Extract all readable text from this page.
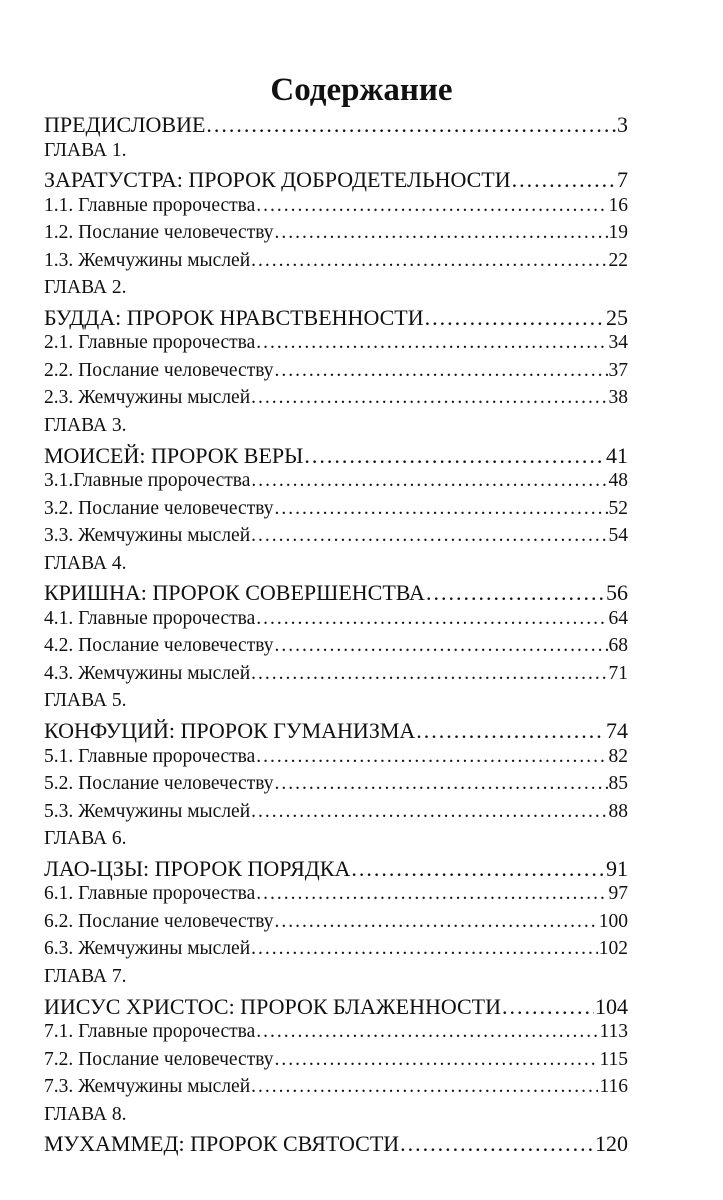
Содержание
ПРЕДИСЛОВИЕ .....	3
ГЛАВА 1.
ЗАРАТУСТРА: ПРОРОК ДОБРОДЕТЕЛЬНОСТИ .....	7
1.1. Главные пророчества .....	16
1.2. Послание человечеству .....	19
1.3. Жемчужины мыслей .....	22
ГЛАВА 2.
БУДДА: ПРОРОК НРАВСТВЕННОСТИ .....	25
2.1. Главные пророчества .....	34
2.2. Послание человечеству .....	37
2.3. Жемчужины мыслей .....	38
ГЛАВА 3.
МОИСЕЙ: ПРОРОК ВЕРЫ .....	41
3.1.Главные пророчества .....	48
3.2. Послание человечеству .....	52
3.3. Жемчужины мыслей .....	54
ГЛАВА 4.
КРИШНА: ПРОРОК СОВЕРШЕНСТВА .....	56
4.1. Главные пророчества .....	64
4.2. Послание человечеству .....	68
4.3. Жемчужины мыслей .....	71
ГЛАВА 5.
КОНФУЦИЙ: ПРОРОК ГУМАНИЗМА .....	74
5.1. Главные пророчества .....	82
5.2. Послание человечеству .....	85
5.3. Жемчужины мыслей .....	88
ГЛАВА 6.
ЛАО-ЦЗЫ: ПРОРОК ПОРЯДКА .....	91
6.1. Главные пророчества .....	97
6.2. Послание человечеству .....	100
6.3. Жемчужины мыслей .....	102
ГЛАВА 7.
ИИСУС ХРИСТОС: ПРОРОК БЛАЖЕННОСТИ .....	104
7.1. Главные пророчества .....	113
7.2. Послание человечеству .....	115
7.3. Жемчужины мыслей .....	116
ГЛАВА 8.
МУХАММЕД: ПРОРОК СВЯТОСТИ .....	120
